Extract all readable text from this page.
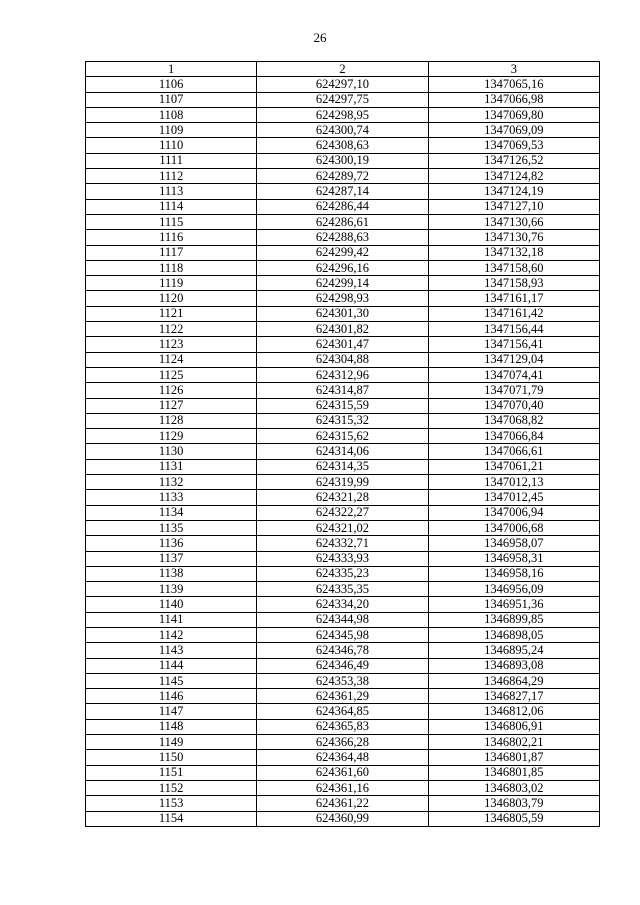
26
1	2	3
1106	624297,10	1347065,16
1107	624297,75	1347066,98
1108	624298,95	1347069,80
1109	624300,74	1347069,09
1110	624308,63	1347069,53
1111	624300,19	1347126,52
1112	624289,72	1347124,82
1113	624287,14	1347124,19
1114	624286,44	1347127,10
1115	624286,61	1347130,66
1116	624288,63	1347130,76
1117	624299,42	1347132,18
1118	624296,16	1347158,60
1119	624299,14	1347158,93
1120	624298,93	1347161,17
1121	624301,30	1347161,42
1122	624301,82	1347156,44
1123	624301,47	1347156,41
1124	624304,88	1347129,04
1125	624312,96	1347074,41
1126	624314,87	1347071,79
1127	624315,59	1347070,40
1128	624315,32	1347068,82
1129	624315,62	1347066,84
1130	624314,06	1347066,61
1131	624314,35	1347061,21
1132	624319,99	1347012,13
1133	624321,28	1347012,45
1134	624322,27	1347006,94
1135	624321,02	1347006,68
1136	624332,71	1346958,07
1137	624333,93	1346958,31
1138	624335,23	1346958,16
1139	624335,35	1346956,09
1140	624334,20	1346951,36
1141	624344,98	1346899,85
1142	624345,98	1346898,05
1143	624346,78	1346895,24
1144	624346,49	1346893,08
1145	624353,38	1346864,29
1146	624361,29	1346827,17
1147	624364,85	1346812,06
1148	624365,83	1346806,91
1149	624366,28	1346802,21
1150	624364,48	1346801,87
1151	624361,60	1346801,85
1152	624361,16	1346803,02
1153	624361,22	1346803,79
1154	624360,99	1346805,59
